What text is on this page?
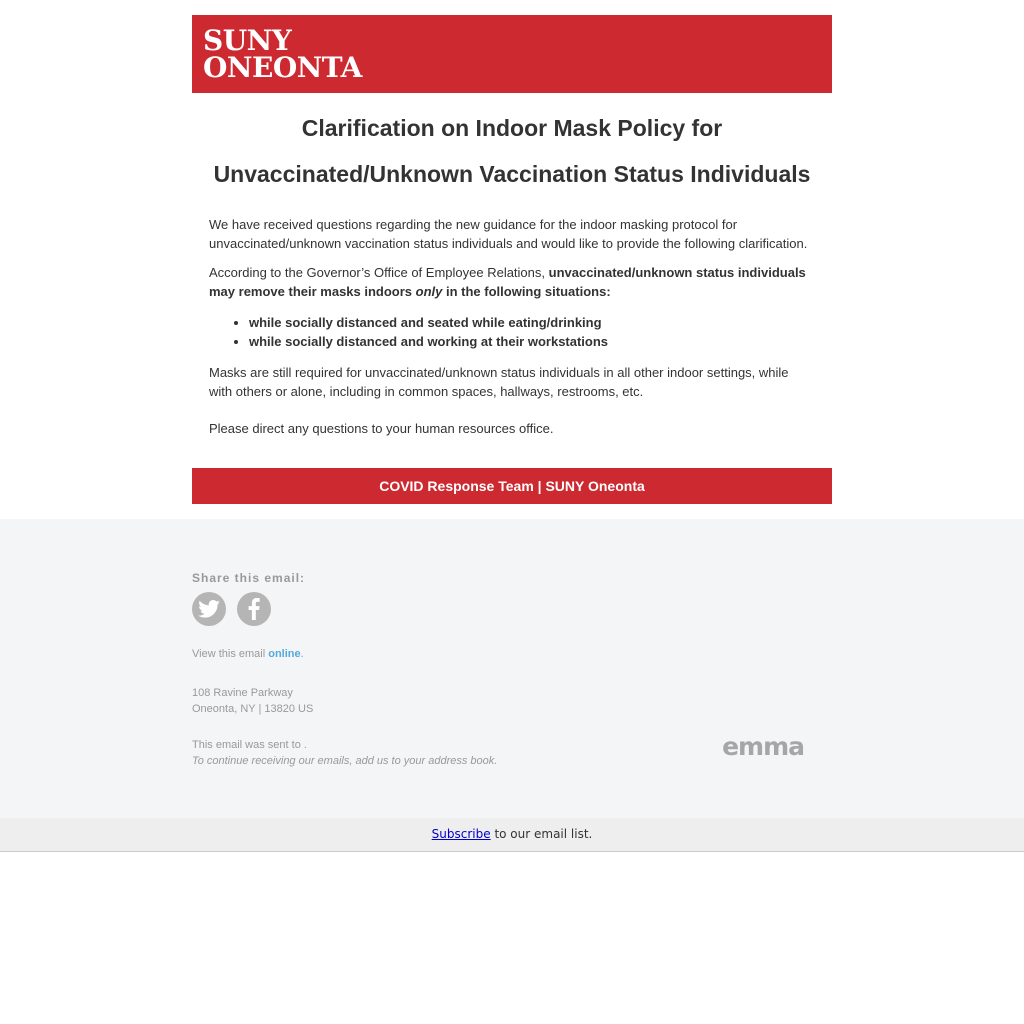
SUNY
ONEONTA
Clarification on Indoor Mask Policy for
Unvaccinated/Unknown Vaccination Status Individuals

We have received questions regarding the new guidance for the indoor masking protocol for unvaccinated/unknown vaccination status individuals and would like to provide the following clarification.

According to the Governor’s Office of Employee Relations, unvaccinated/unknown status individuals may remove their masks indoors only in the following situations:

• while socially distanced and seated while eating/drinking
• while socially distanced and working at their workstations

Masks are still required for unvaccinated/unknown status individuals in all other indoor settings, while with others or alone, including in common spaces, hallways, restrooms, etc.

Please direct any questions to your human resources office.

COVID Response Team | SUNY Oneonta
Share this email:
View this email online.
108 Ravine Parkway
Oneonta, NY | 13820 US
This email was sent to .
To continue receiving our emails, add us to your address book.	emma
Subscribe to our email list.
